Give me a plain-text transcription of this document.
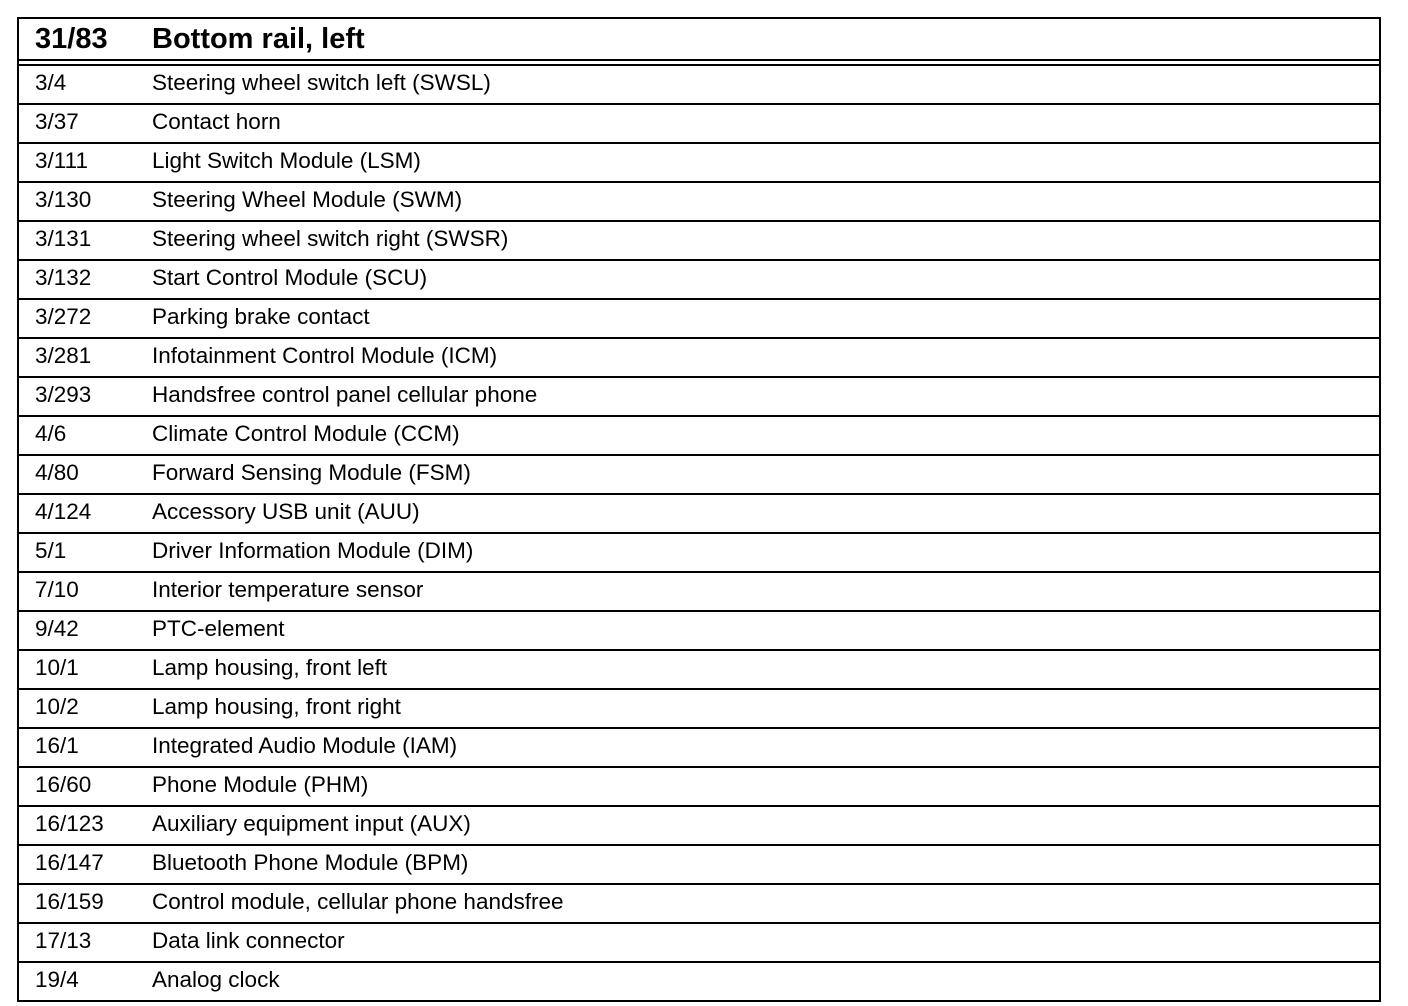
31/83	Bottom rail, left
3/4	Steering wheel switch left (SWSL)
3/37	Contact horn
3/111	Light Switch Module (LSM)
3/130	Steering Wheel Module (SWM)
3/131	Steering wheel switch right (SWSR)
3/132	Start Control Module (SCU)
3/272	Parking brake contact
3/281	Infotainment Control Module (ICM)
3/293	Handsfree control panel cellular phone
4/6	Climate Control Module (CCM)
4/80	Forward Sensing Module (FSM)
4/124	Accessory USB unit (AUU)
5/1	Driver Information Module (DIM)
7/10	Interior temperature sensor
9/42	PTC-element
10/1	Lamp housing, front left
10/2	Lamp housing, front right
16/1	Integrated Audio Module (IAM)
16/60	Phone Module (PHM)
16/123	Auxiliary equipment input (AUX)
16/147	Bluetooth Phone Module (BPM)
16/159	Control module, cellular phone handsfree
17/13	Data link connector
19/4	Analog clock
